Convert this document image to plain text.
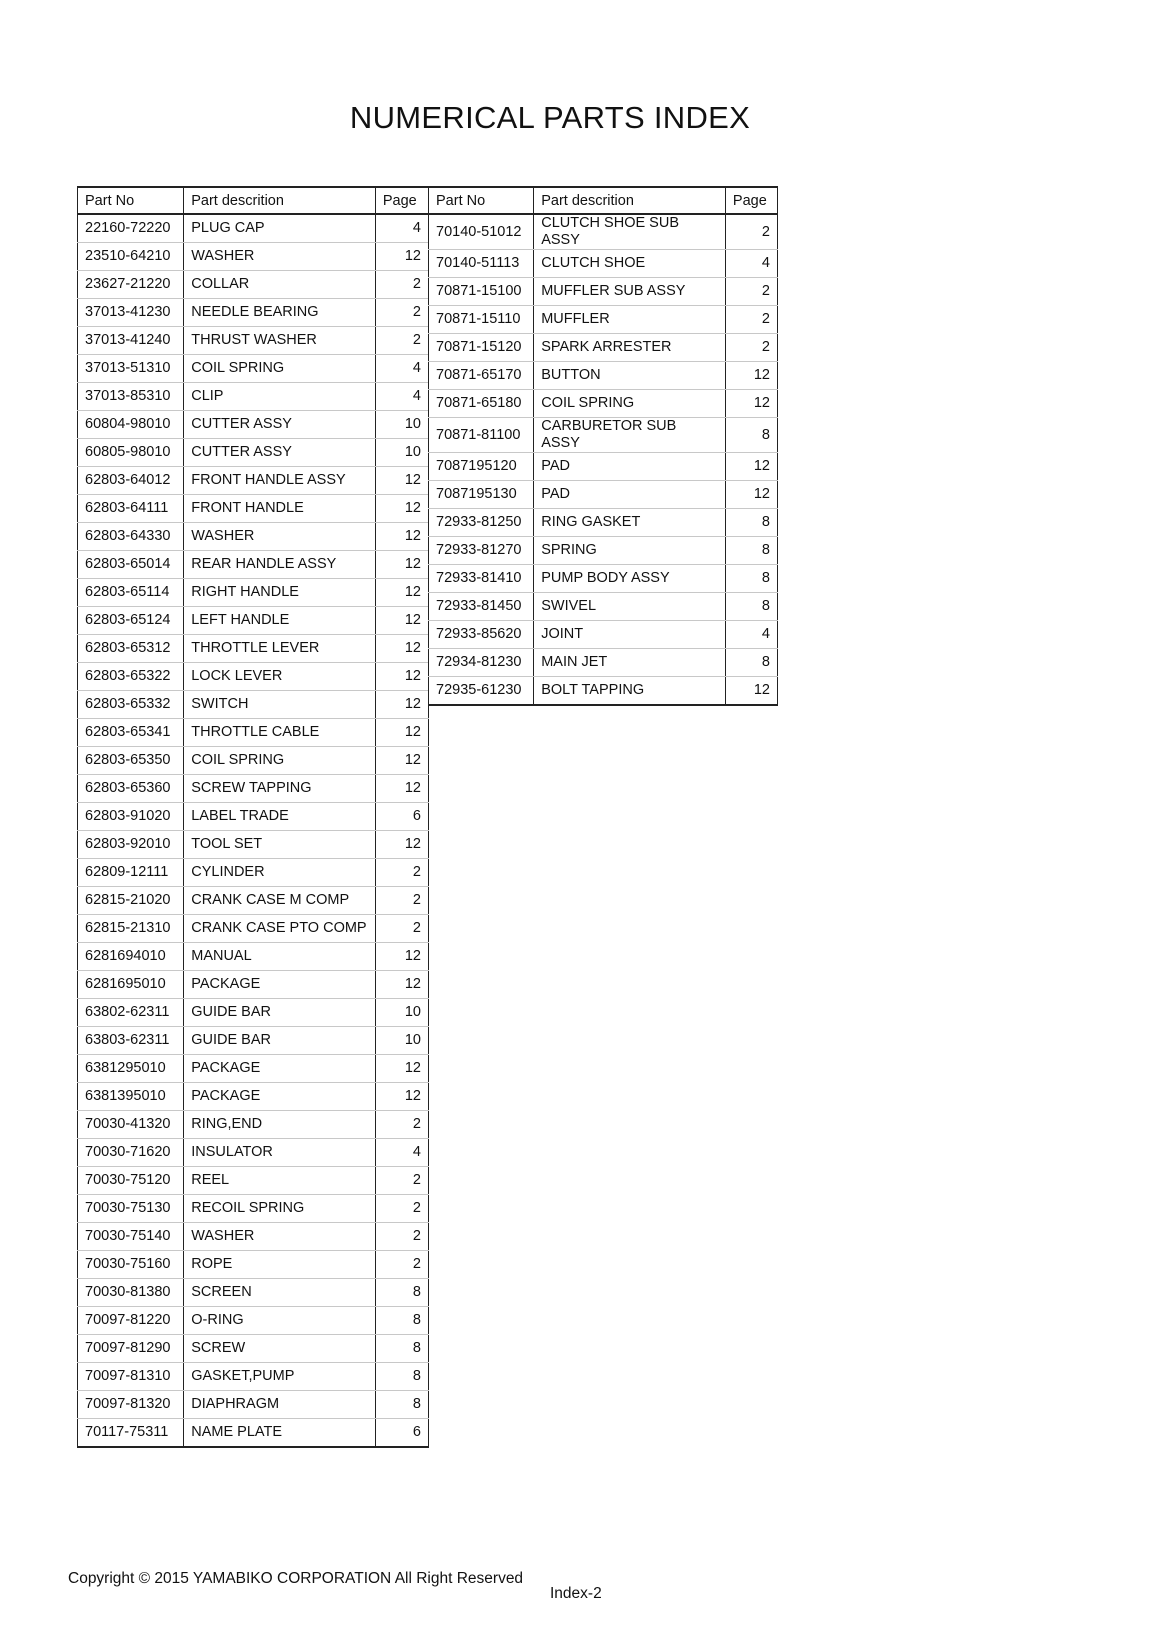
NUMERICAL PARTS INDEX
Part No	Part descrition	Page
22160-72220	PLUG CAP	4
23510-64210	WASHER	12
23627-21220	COLLAR	2
37013-41230	NEEDLE BEARING	2
37013-41240	THRUST WASHER	2
37013-51310	COIL SPRING	4
37013-85310	CLIP	4
60804-98010	CUTTER ASSY	10
60805-98010	CUTTER ASSY	10
62803-64012	FRONT HANDLE ASSY	12
62803-64111	FRONT HANDLE	12
62803-64330	WASHER	12
62803-65014	REAR HANDLE ASSY	12
62803-65114	RIGHT HANDLE	12
62803-65124	LEFT HANDLE	12
62803-65312	THROTTLE LEVER	12
62803-65322	LOCK LEVER	12
62803-65332	SWITCH	12
62803-65341	THROTTLE CABLE	12
62803-65350	COIL SPRING	12
62803-65360	SCREW TAPPING	12
62803-91020	LABEL TRADE	6
62803-92010	TOOL SET	12
62809-12111	CYLINDER	2
62815-21020	CRANK CASE M COMP	2
62815-21310	CRANK CASE PTO COMP	2
6281694010	MANUAL	12
6281695010	PACKAGE	12
63802-62311	GUIDE BAR	10
63803-62311	GUIDE BAR	10
6381295010	PACKAGE	12
6381395010	PACKAGE	12
70030-41320	RING,END	2
70030-71620	INSULATOR	4
70030-75120	REEL	2
70030-75130	RECOIL SPRING	2
70030-75140	WASHER	2
70030-75160	ROPE	2
70030-81380	SCREEN	8
70097-81220	O-RING	8
70097-81290	SCREW	8
70097-81310	GASKET,PUMP	8
70097-81320	DIAPHRAGM	8
70117-75311	NAME PLATE	6
Part No	Part descrition	Page
70140-51012	CLUTCH SHOE SUB ASSY	2
70140-51113	CLUTCH SHOE	4
70871-15100	MUFFLER SUB ASSY	2
70871-15110	MUFFLER	2
70871-15120	SPARK ARRESTER	2
70871-65170	BUTTON	12
70871-65180	COIL SPRING	12
70871-81100	CARBURETOR SUB ASSY	8
7087195120	PAD	12
7087195130	PAD	12
72933-81250	RING GASKET	8
72933-81270	SPRING	8
72933-81410	PUMP BODY ASSY	8
72933-81450	SWIVEL	8
72933-85620	JOINT	4
72934-81230	MAIN JET	8
72935-61230	BOLT TAPPING	12
Copyright © 2015 YAMABIKO CORPORATION All Right Reserved
Index-2
